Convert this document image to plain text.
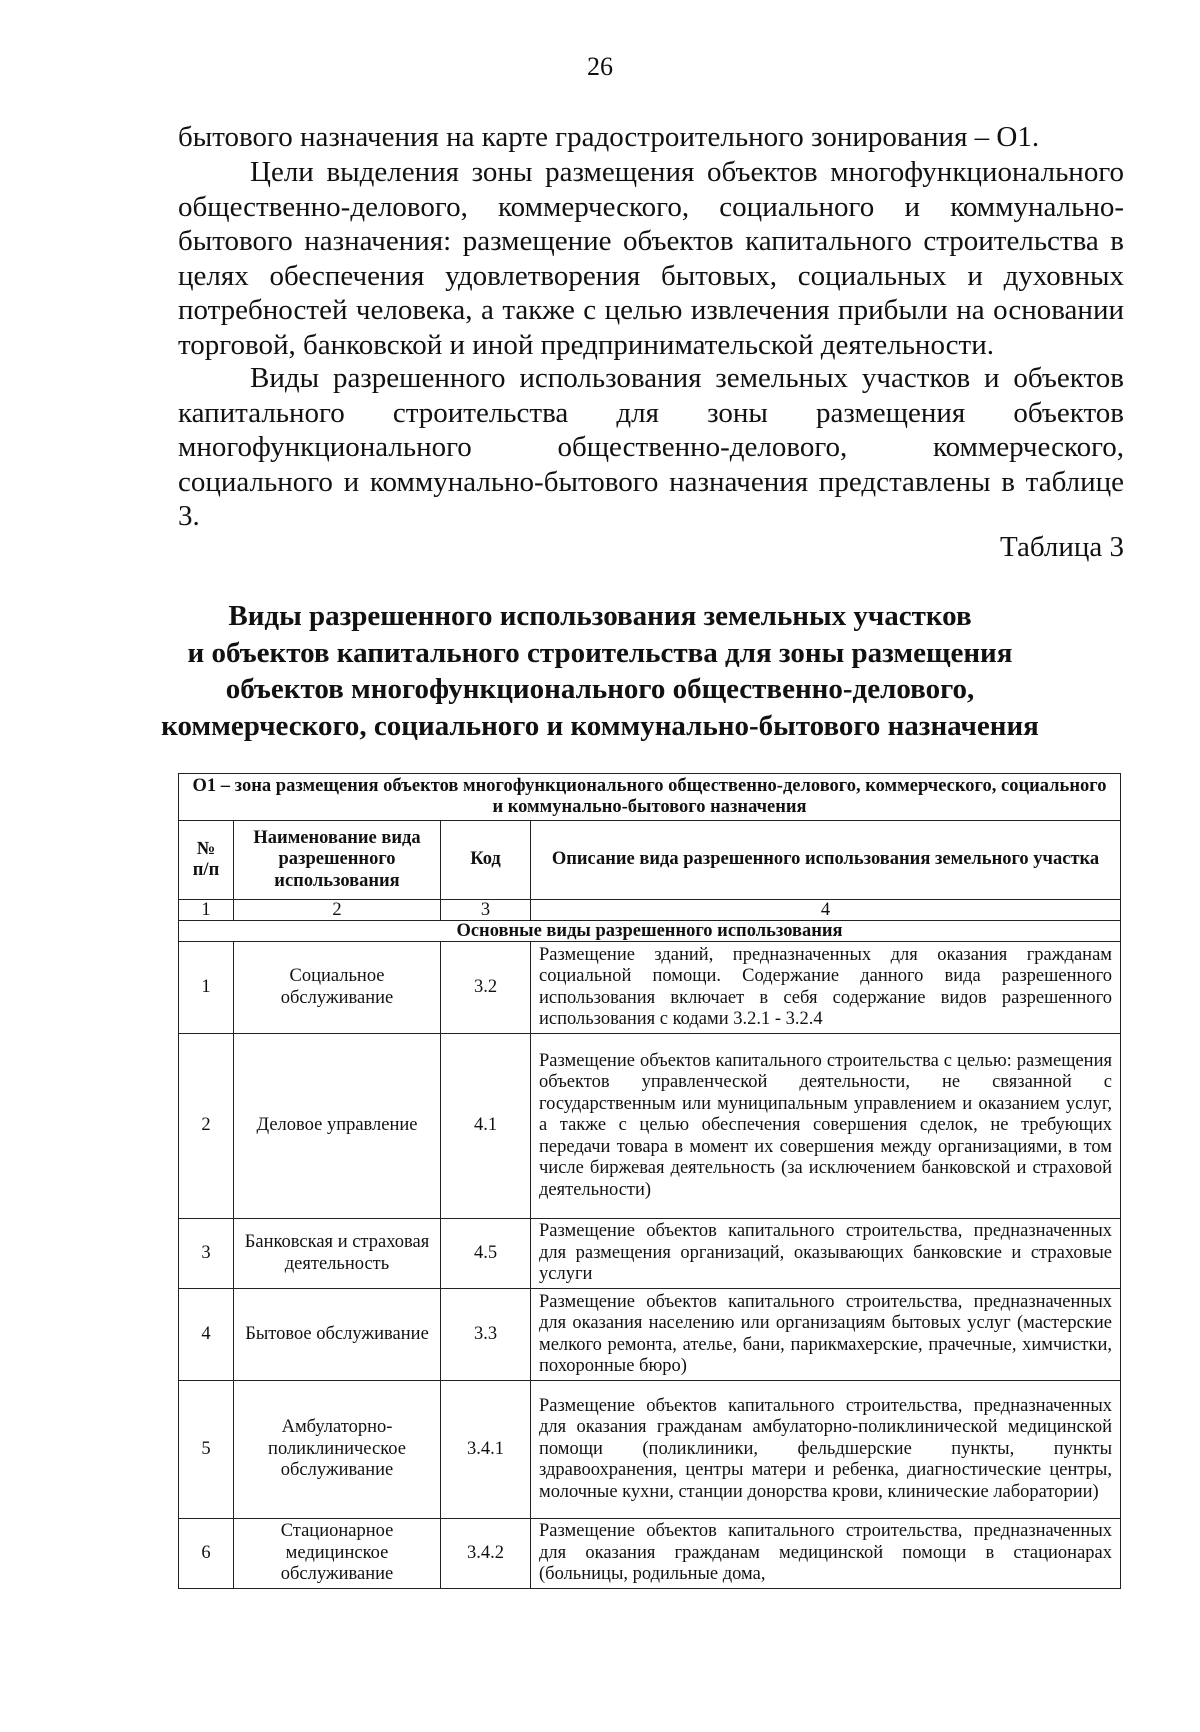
26

бытового назначения на карте градостроительного зонирования – О1.

Цели выделения зоны размещения объектов многофункционального общественно-делового, коммерческого, социального и коммунально-бытового назначения: размещение объектов капитального строительства в целях обеспечения удовлетворения бытовых, социальных и духовных потребностей человека, а также с целью извлечения прибыли на основании торговой, банковской и иной предпринимательской деятельности.

Виды разрешенного использования земельных участков и объектов капитального строительства для зоны размещения объектов многофункционального общественно-делового, коммерческого, социального и коммунально-бытового назначения представлены в таблице 3.

Таблица 3
Виды разрешенного использования земельных участков
и объектов капитального строительства для зоны размещения
объектов многофункционального общественно-делового,
коммерческого, социального и коммунально-бытового назначения
О1 – зона размещения объектов многофункционального общественно-делового, коммерческого, социального и коммунально-бытового назначения			
№ п/п	Наименование вида разрешенного использования	Код	Описание вида разрешенного использования земельного участка
1	2	3	4
Основные виды разрешенного использования			
1	Социальное обслуживание	3.2	Размещение зданий, предназначенных для оказания гражданам социальной помощи. Содержание данного вида разрешенного использования включает в себя содержание видов разрешенного использования с кодами 3.2.1 - 3.2.4
2	Деловое управление	4.1	Размещение объектов капитального строительства с целью: размещения объектов управленческой деятельности, не связанной с государственным или муниципальным управлением и оказанием услуг, а также с целью обеспечения совершения сделок, не требующих передачи товара в момент их совершения между организациями, в том числе биржевая деятельность (за исключением банковской и страховой деятельности)
3	Банковская и страховая деятельность	4.5	Размещение объектов капитального строительства, предназначенных для размещения организаций, оказывающих банковские и страховые услуги
4	Бытовое обслуживание	3.3	Размещение объектов капитального строительства, предназначенных для оказания населению или организациям бытовых услуг (мастерские мелкого ремонта, ателье, бани, парикмахерские, прачечные, химчистки, похоронные бюро)
5	Амбулаторно-поликлиническое обслуживание	3.4.1	Размещение объектов капитального строительства, предназначенных для оказания гражданам амбулаторно-поликлинической медицинской помощи (поликлиники, фельдшерские пункты, пункты здравоохранения, центры матери и ребенка, диагностические центры, молочные кухни, станции донорства крови, клинические лаборатории)
6	Стационарное медицинское обслуживание	3.4.2	Размещение объектов капитального строительства, предназначенных для оказания гражданам медицинской помощи в стационарах (больницы, родильные дома,
